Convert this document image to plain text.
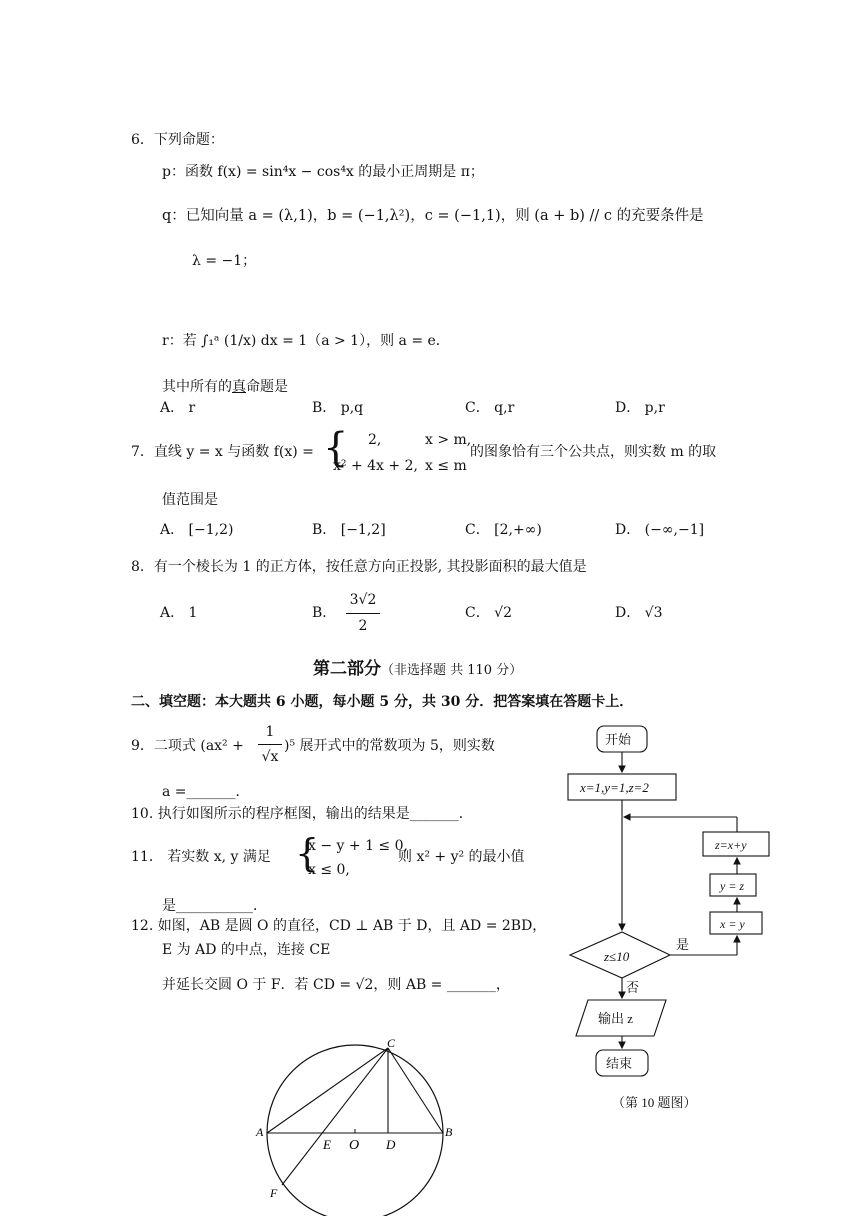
6．下列命题：
p：函数 f(x) = sin⁴x − cos⁴x 的最小正周期是 π；
q：已知向量 a = (λ,1)，b = (−1,λ²)，c = (−1,1)，则 (a + b) // c 的充要条件是
λ = −1；
r：若 ∫₁ᵃ (1/x) dx = 1（a > 1），则 a = e．
其中所有的真命题是
A． r	B． p,q	C． q,r	D． p,r
7．直线 y = x 与函数 f(x) = { 2,	x > m,
x² + 4x + 2, x ≤ m
的图象恰有三个公共点，则实数 m 的取
值范围是
A． [−1,2)	B． [−1,2]	C． [2,+∞)	D． (−∞,−1]
8．有一个棱长为 1 的正方体，按任意方向正投影, 其投影面积的最大值是
A． 1	B．
3√2
2
C． √2	D． √3
第二部分（非选择题 共 110 分）
二、填空题：本大题共 6 小题，每小题 5 分，共 30 分．把答案填在答题卡上．
9．二项式 (ax² +
1
√x
)⁵ 展开式中的常数项为 5，则实数
a =_______．
10. 执行如图所示的程序框图，输出的结果是_______．
11． 若实数 x, y 满足 {
x − y + 1 ≤ 0,
x ≤ 0,
则 x² + y² 的最小值
是___________．
12. 如图，AB 是圆 O 的直径，CD ⊥ AB 于 D，且 AD = 2BD，
E 为 AD 的中点，连接 CE
并延长交圆 O 于 F．若 CD = √2，则 AB = _______，
C
A	B
E O D
F
开始
x=1,y=1,z=2
z=x+y
y = z
x = y
z≤10
是
否
输出 z
结束
（第 10 题图）
